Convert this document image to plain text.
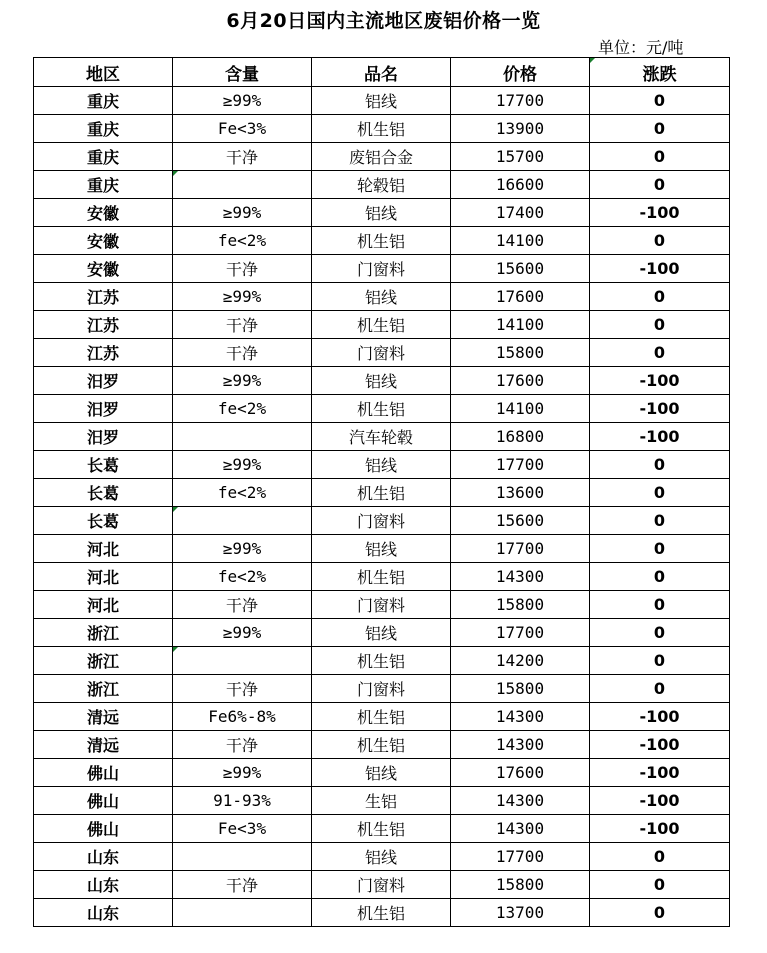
6月20日国内主流地区废铝价格一览
单位：元/吨
地区	含量	品名	价格	涨跌
重庆	≥99%	铝线	17700	0
重庆	Fe<3%	机生铝	13900	0
重庆	干净	废铝合金	15700	0
重庆		轮毂铝	16600	0
安徽	≥99%	铝线	17400	-100
安徽	fe<2%	机生铝	14100	0
安徽	干净	门窗料	15600	-100
江苏	≥99%	铝线	17600	0
江苏	干净	机生铝	14100	0
江苏	干净	门窗料	15800	0
汨罗	≥99%	铝线	17600	-100
汨罗	fe<2%	机生铝	14100	-100
汨罗		汽车轮毂	16800	-100
长葛	≥99%	铝线	17700	0
长葛	fe<2%	机生铝	13600	0
长葛		门窗料	15600	0
河北	≥99%	铝线	17700	0
河北	fe<2%	机生铝	14300	0
河北	干净	门窗料	15800	0
浙江	≥99%	铝线	17700	0
浙江		机生铝	14200	0
浙江	干净	门窗料	15800	0
清远	Fe6%-8%	机生铝	14300	-100
清远	干净	机生铝	14300	-100
佛山	≥99%	铝线	17600	-100
佛山	91-93%	生铝	14300	-100
佛山	Fe<3%	机生铝	14300	-100
山东		铝线	17700	0
山东	干净	门窗料	15800	0
山东		机生铝	13700	0
